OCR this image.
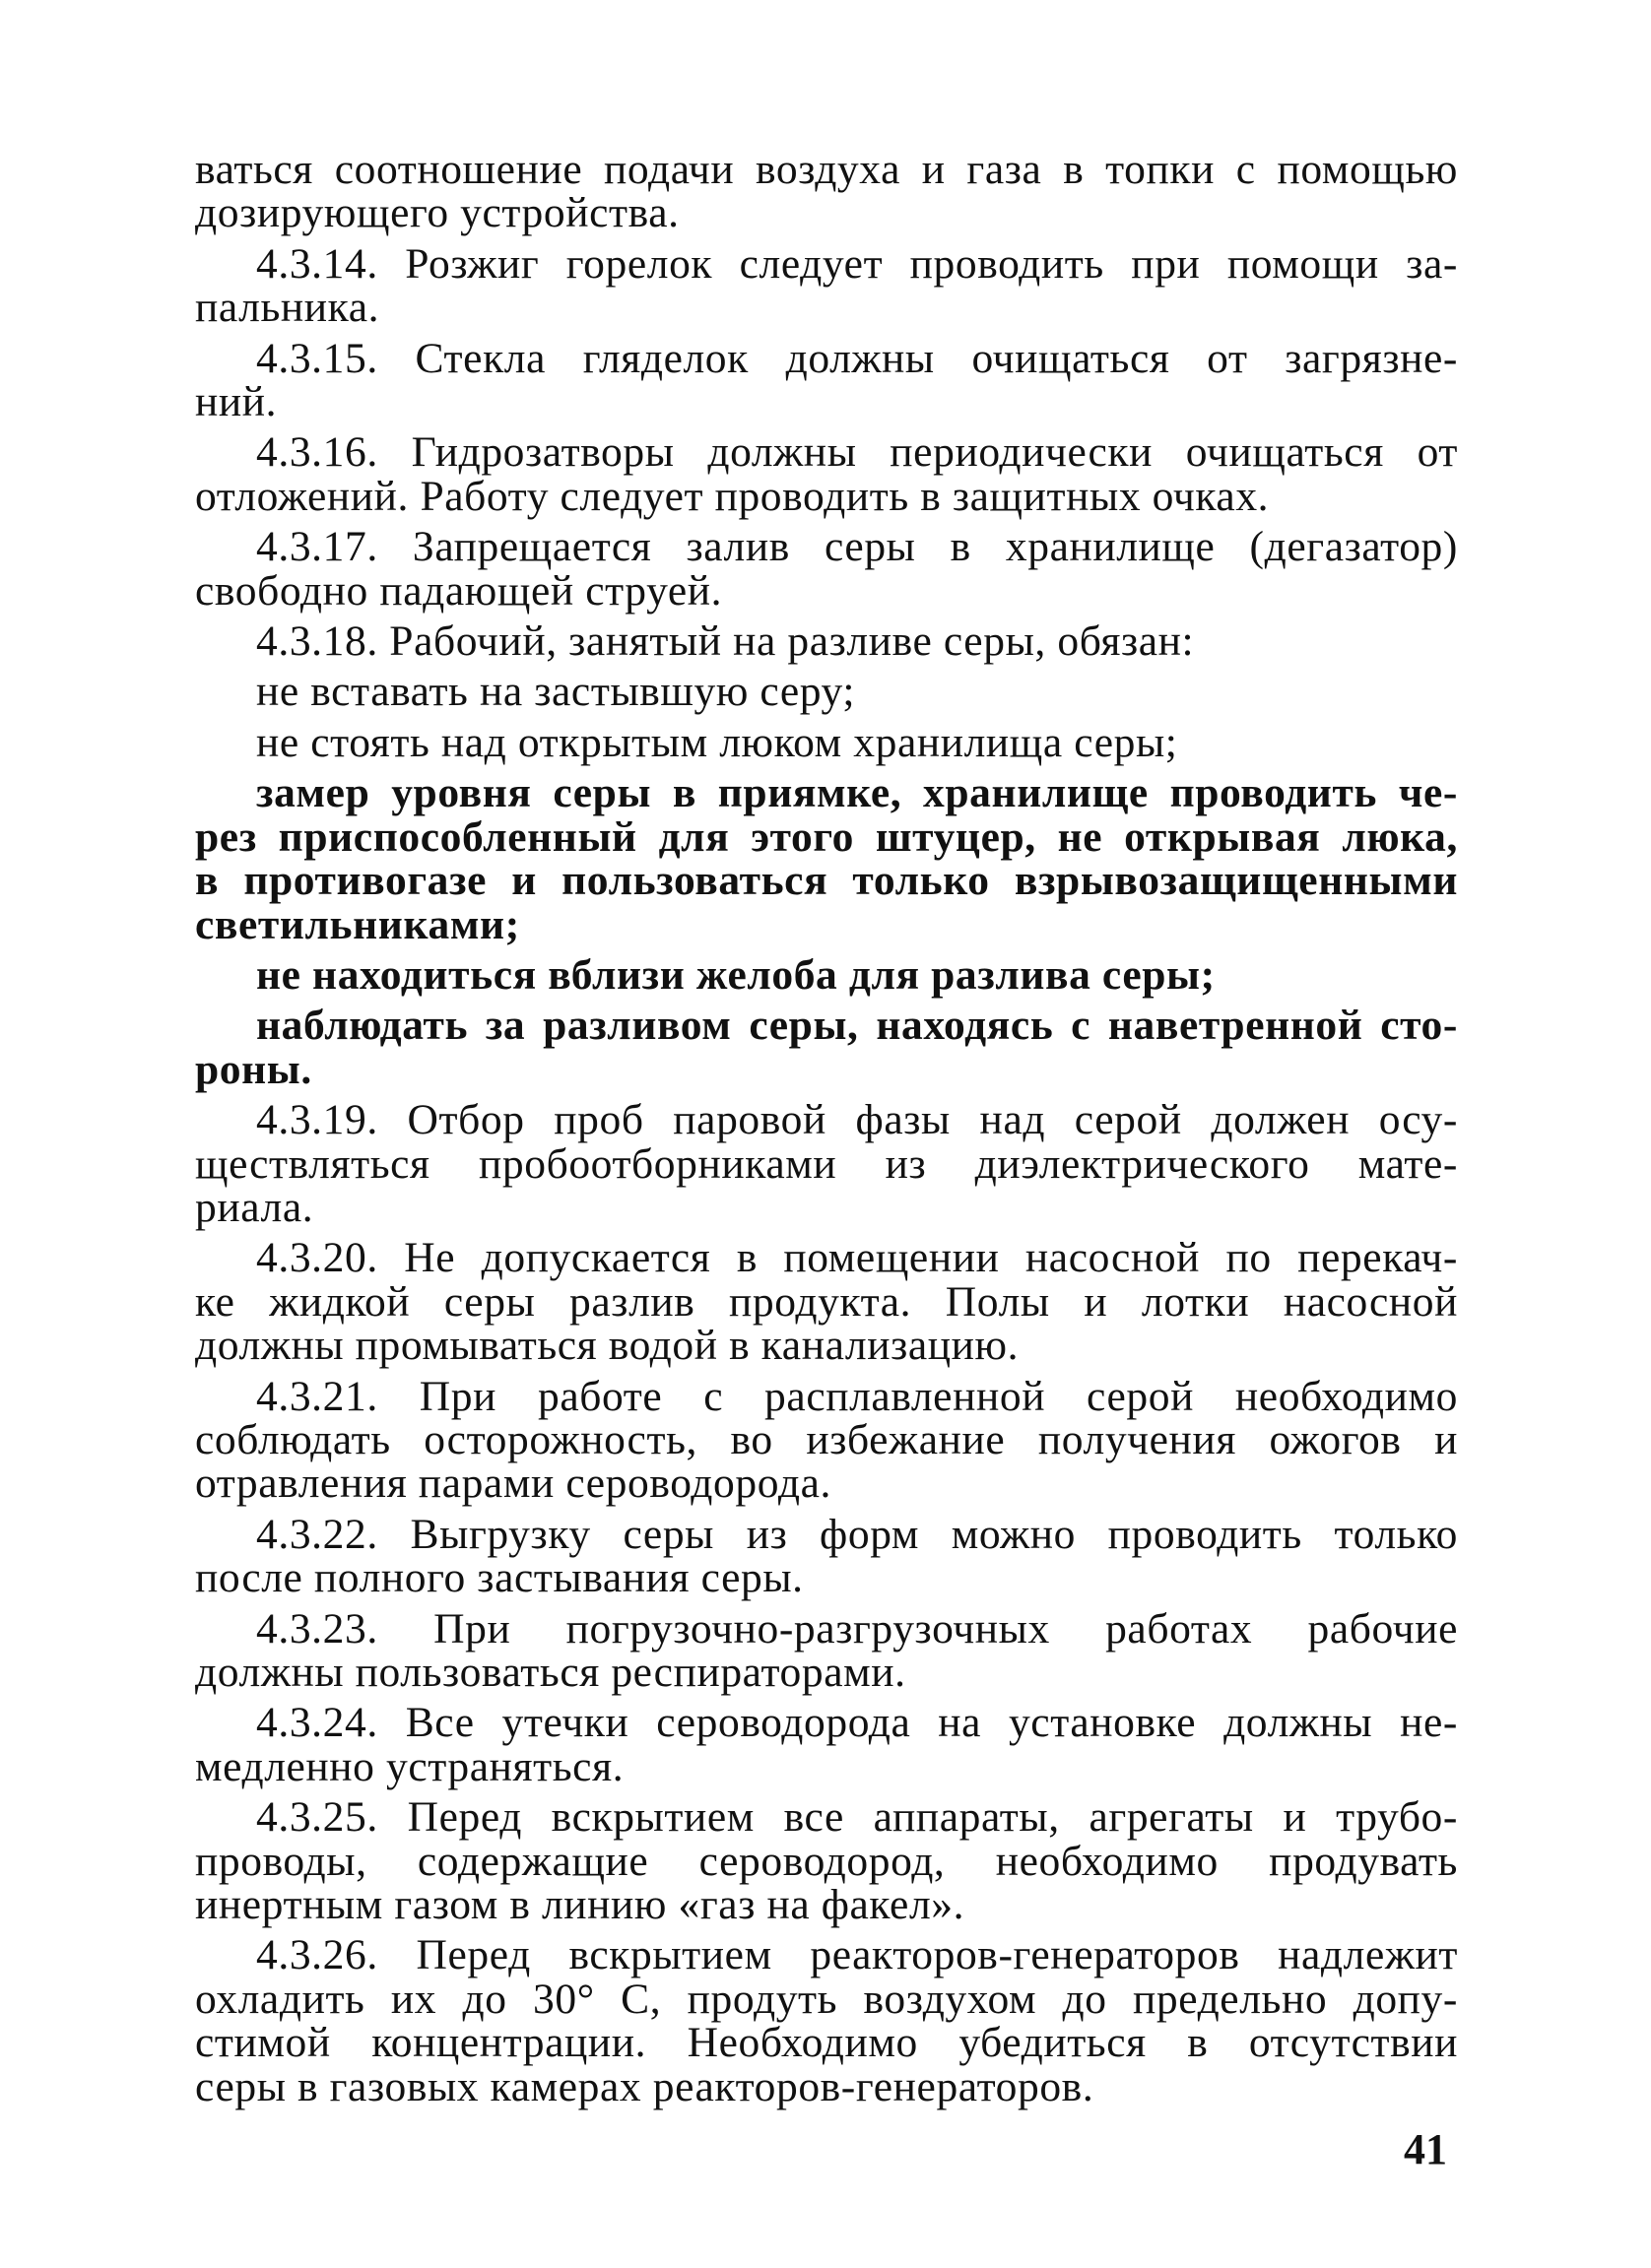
ваться соотношение подачи воздуха и газа в топки с помощью
дозирующего устройства.
4.3.14. Розжиг горелок следует проводить при помощи за-
пальника.
4.3.15. Стекла гляделок должны очищаться от загрязне-
ний.
4.3.16. Гидрозатворы должны периодически очищаться от
отложений. Работу следует проводить в защитных очках.
4.3.17. Запрещается залив серы в хранилище (дегазатор)
свободно падающей струей.
4.3.18. Рабочий, занятый на разливе серы, обязан:
не вставать на застывшую серу;
не стоять над открытым люком хранилища серы;
замер уровня серы в приямке, хранилище проводить че-
рез приспособленный для этого штуцер, не открывая люка,
в противогазе и пользоваться только взрывозащищенными
светильниками;
не находиться вблизи желоба для разлива серы;
наблюдать за разливом серы, находясь с наветренной сто-
роны.
4.3.19. Отбор проб паровой фазы над серой должен осу-
ществляться пробоотборниками из диэлектрического мате-
риала.
4.3.20. Не допускается в помещении насосной по перекач-
ке жидкой серы разлив продукта. Полы и лотки насосной
должны промываться водой в канализацию.
4.3.21. При работе с расплавленной серой необходимо
соблюдать осторожность, во избежание получения ожогов и
отравления парами сероводорода.
4.3.22. Выгрузку серы из форм можно проводить только
после полного застывания серы.
4.3.23. При погрузочно-разгрузочных работах рабочие
должны пользоваться респираторами.
4.3.24. Все утечки сероводорода на установке должны не-
медленно устраняться.
4.3.25. Перед вскрытием все аппараты, агрегаты и трубо-
проводы, содержащие сероводород, необходимо продувать
инертным газом в линию «газ на факел».
4.3.26. Перед вскрытием реакторов-генераторов надлежит
охладить их до 30° С, продуть воздухом до предельно допу-
стимой концентрации. Необходимо убедиться в отсутствии
серы в газовых камерах реакторов-генераторов.
41
